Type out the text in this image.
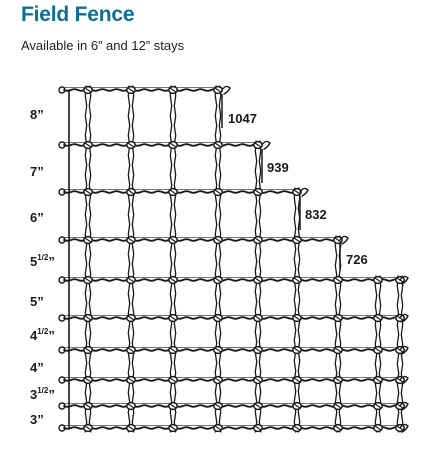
Field Fence
Available in 6” and 12” stays
8”
7”
6”
$5^{1/2}$”
5”
$4^{1/2}$”
4”
$3^{1/2}$”
3”
1047
939
832
726
